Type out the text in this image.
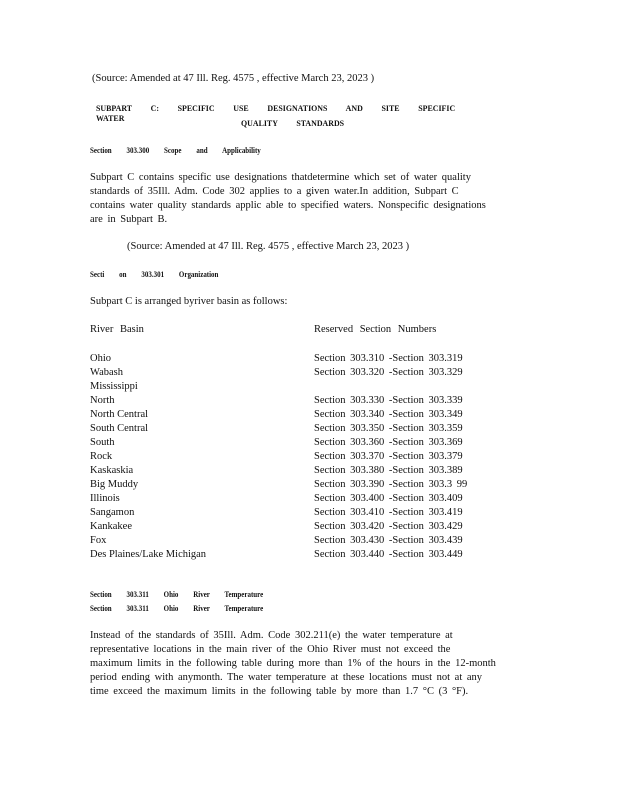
(Source: Amended at 47 Ill. Reg. 4575 , effective March 23, 2023 )
SUBPART C: SPECIFIC USE DESIGNATIONS AND SITE SPECIFIC WATER	QUALITY STANDARDS
Section 303.300 Scope and Applicability
Subpart C contains specific use designations thatdetermine which set of water quality
standards of 35Ill. Adm. Code 302 applies to a given water.In addition, Subpart C
contains water quality standards applic able to specified waters. Nonspecific designations
are in Subpart B.
(Source: Amended at 47 Ill. Reg. 4575 , effective March 23, 2023 )
Secti on 303.301 Organization
Subpart C is arranged byriver basin as follows:
River Basin	Reserved Section Numbers
Ohio	Section 303.310 -Section 303.319
Wabash	Section 303.320 -Section 303.329
Mississippi	
North	Section 303.330 -Section 303.339
North Central	Section 303.340 -Section 303.349
South Central	Section 303.350 -Section 303.359
South	Section 303.360 -Section 303.369
Rock	Section 303.370 -Section 303.379
Kaskaskia	Section 303.380 -Section 303.389
Big Muddy	Section 303.390 -Section 303.3 99
Illinois	Section 303.400 -Section 303.409
Sangamon	Section 303.410 -Section 303.419
Kankakee	Section 303.420 -Section 303.429
Fox	Section 303.430 -Section 303.439
Des Plaines/Lake Michigan	Section 303.440 -Section 303.449
Section 303.311 Ohio River Temperature
Section 303.311 Ohio River Temperature
Instead of the standards of 35Ill. Adm. Code 302.211(e) the water temperature at
representative locations in the main river of the Ohio River must not exceed the
maximum limits in the following table during more than 1% of the hours in the 12-month
period ending with anymonth. The water temperature at these locations must not at any
time exceed the maximum limits in the following table by more than 1.7 °C (3 °F).
